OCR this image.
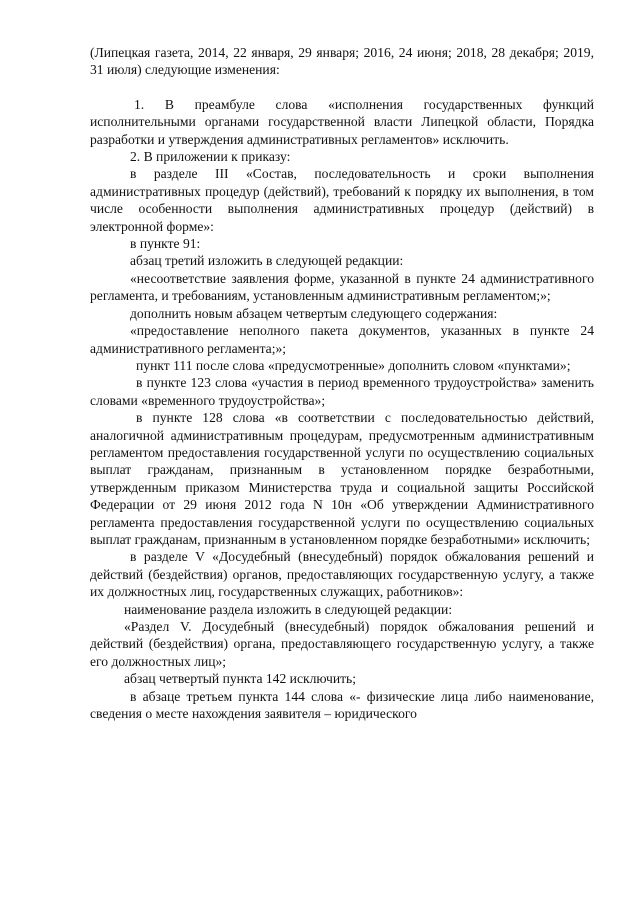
(Липецкая газета, 2014, 22 января, 29 января; 2016, 24 июня; 2018, 28 декабря; 2019, 31 июля) следующие изменения:

1. В преамбуле слова «исполнения государственных функций исполнительными органами государственной власти Липецкой области, Порядка разработки и утверждения административных регламентов» исключить.

2. В приложении к приказу:

в разделе III «Состав, последовательность и сроки выполнения административных процедур (действий), требований к порядку их выполнения, в том числе особенности выполнения административных процедур (действий) в электронной форме»:

в пункте 91:

абзац третий изложить в следующей редакции:

«несоответствие заявления форме, указанной в пункте 24 административного регламента, и требованиям, установленным административным регламентом;»;

дополнить новым абзацем четвертым следующего содержания:

«предоставление неполного пакета документов, указанных в пункте 24 административного регламента;»;

пункт 111 после слова «предусмотренные» дополнить словом «пунктами»;

в пункте 123 слова «участия в период временного трудоустройства» заменить словами «временного трудоустройства»;

в пункте 128 слова «в соответствии с последовательностью действий, аналогичной административным процедурам, предусмотренным административным регламентом предоставления государственной услуги по осуществлению социальных выплат гражданам, признанным в установленном порядке безработными, утвержденным приказом Министерства труда и социальной защиты Российской Федерации от 29 июня 2012 года N 10н «Об утверждении Административного регламента предоставления государственной услуги по осуществлению социальных выплат гражданам, признанным в установленном порядке безработными» исключить;

в разделе V «Досудебный (внесудебный) порядок обжалования решений и действий (бездействия) органов, предоставляющих государственную услугу, а также их должностных лиц, государственных служащих, работников»:

наименование раздела изложить в следующей редакции:

«Раздел V. Досудебный (внесудебный) порядок обжалования решений и действий (бездействия) органа, предоставляющего государственную услугу, а также его должностных лиц»;

абзац четвертый пункта 142 исключить;

в абзаце третьем пункта 144 слова «- физические лица либо наименование, сведения о месте нахождения заявителя – юридического
